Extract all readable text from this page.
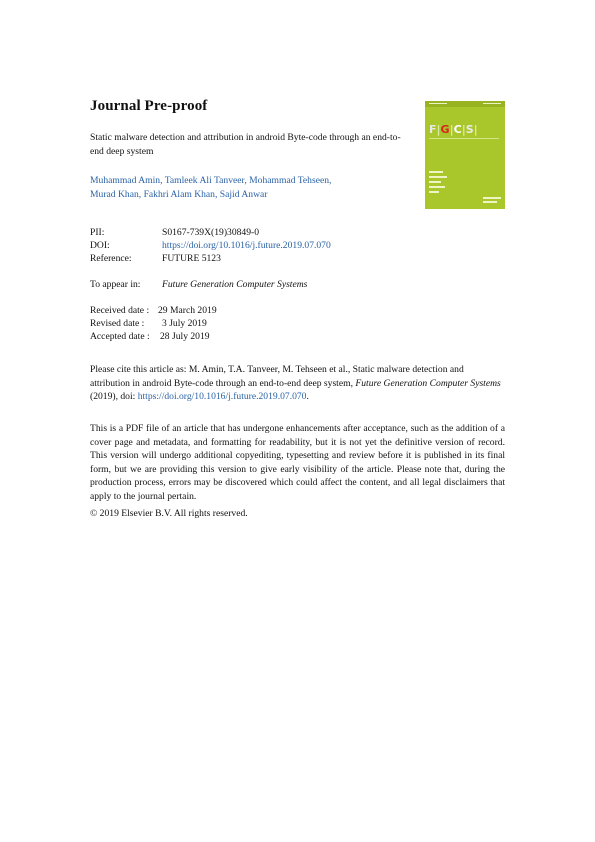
Journal Pre-proof
Static malware detection and attribution in android Byte-code through an end-to-end deep system
Muhammad Amin, Tamleek Ali Tanveer, Mohammad Tehseen,
Murad Khan, Fakhri Alam Khan, Sajid Anwar
F|G|C|S|
PII:	S0167-739X(19)30849-0
DOI:	https://doi.org/10.1016/j.future.2019.07.070
Reference:	FUTURE 5123
To appear in: Future Generation Computer Systems
Received date : 29 March 2019
Revised date : 3 July 2019
Accepted date : 28 July 2019
Please cite this article as: M. Amin, T.A. Tanveer, M. Tehseen et al., Static malware detection and attribution in android Byte-code through an end-to-end deep system, Future Generation Computer Systems (2019), doi: https://doi.org/10.1016/j.future.2019.07.070.
This is a PDF file of an article that has undergone enhancements after acceptance, such as the addition of a cover page and metadata, and formatting for readability, but it is not yet the definitive version of record. This version will undergo additional copyediting, typesetting and review before it is published in its final form, but we are providing this version to give early visibility of the article. Please note that, during the production process, errors may be discovered which could affect the content, and all legal disclaimers that apply to the journal pertain.
© 2019 Elsevier B.V. All rights reserved.
